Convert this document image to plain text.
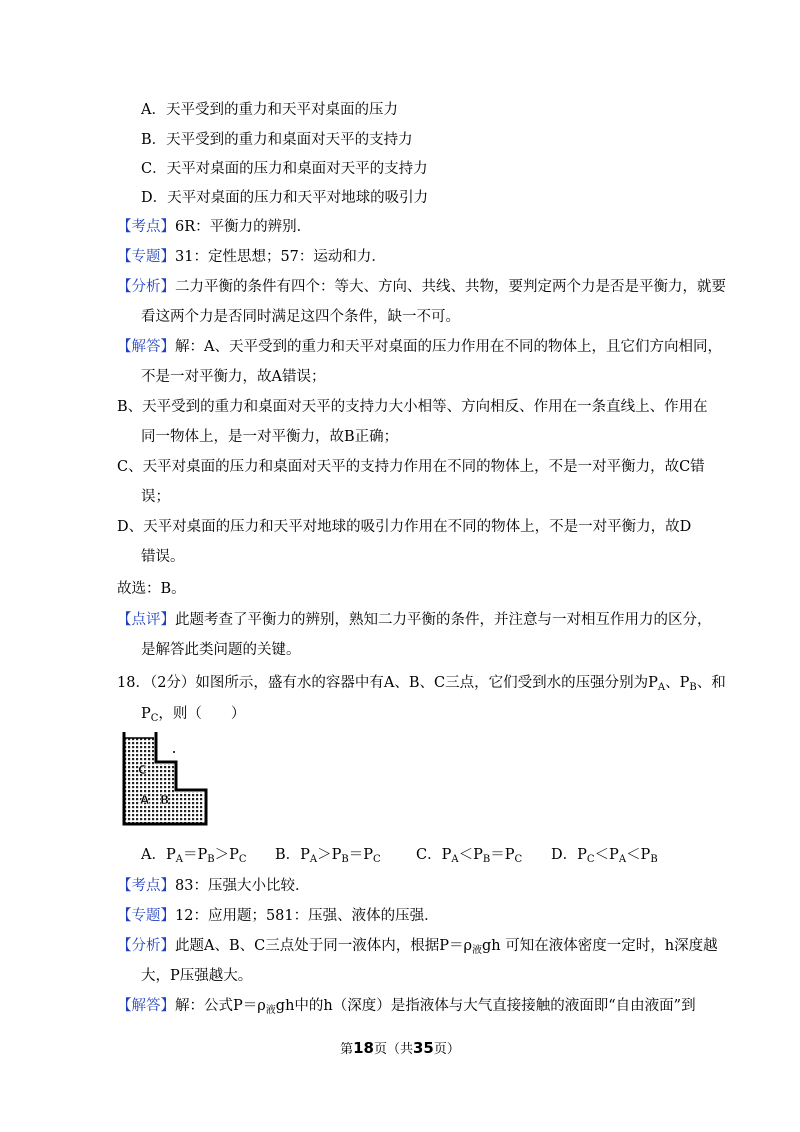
A．天平受到的重力和天平对桌面的压力
B．天平受到的重力和桌面对天平的支持力
C．天平对桌面的压力和桌面对天平的支持力
D．天平对桌面的压力和天平对地球的吸引力
【考点】6R：平衡力的辨别．
【专题】31：定性思想；57：运动和力．
【分析】二力平衡的条件有四个：等大、方向、共线、共物，要判定两个力是否是平衡力，就要
看这两个力是否同时满足这四个条件，缺一不可。
【解答】解：A、天平受到的重力和天平对桌面的压力作用在不同的物体上，且它们方向相同，
不是一对平衡力，故A错误；
B、天平受到的重力和桌面对天平的支持力大小相等、方向相反、作用在一条直线上、作用在
同一物体上，是一对平衡力，故B正确；
C、天平对桌面的压力和桌面对天平的支持力作用在不同的物体上，不是一对平衡力，故C错
误；
D、天平对桌面的压力和天平对地球的吸引力作用在不同的物体上，不是一对平衡力，故D
错误。
故选：B。
【点评】此题考查了平衡力的辨别，熟知二力平衡的条件，并注意与一对相互作用力的区分，
是解答此类问题的关键。
18．（2分）如图所示，盛有水的容器中有A、B、C三点，它们受到水的压强分别为$P_A$、$P_B$、和
$P_C$，则（　　）
C
A B
A．$P_A=P_B>P_C$ B．$P_A>P_B=P_C$ C．$P_A<P_B=P_C$ D．$P_C<P_A<P_B$
【考点】83：压强大小比较．
【专题】12：应用题；581：压强、液体的压强．
【分析】此题A、B、C三点处于同一液体内，根据$P=\rho_液gh$ 可知在液体密度一定时，h深度越
大，P压强越大。
【解答】解：公式$P=\rho_液gh$中的h（深度）是指液体与大气直接接触的液面即“自由液面”到
第18页（共35页）
